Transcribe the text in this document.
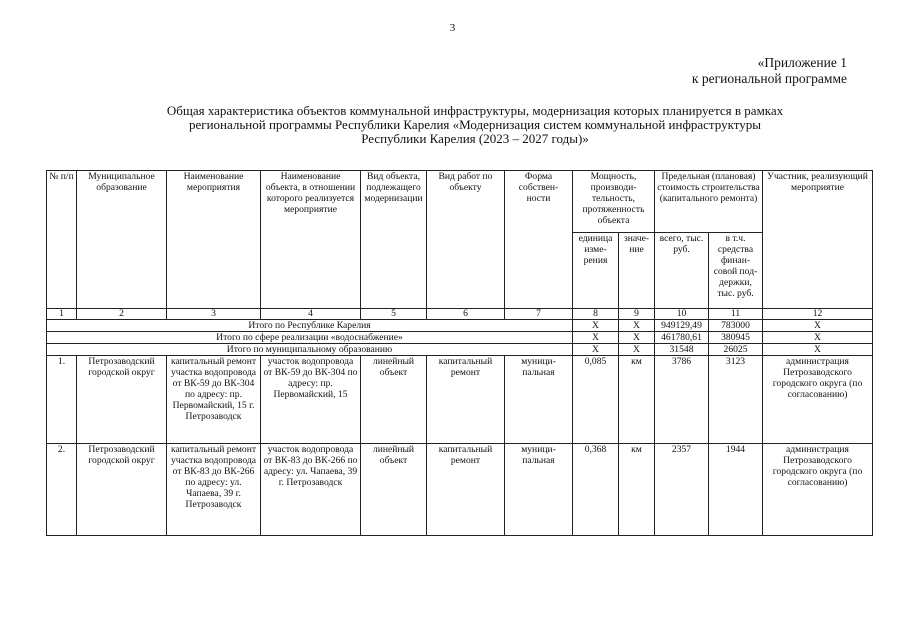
3
«Приложение 1
к региональной программе
Общая характеристика объектов коммунальной инфраструктуры, модернизация которых планируется в рамках
региональной программы Республики Карелия «Модернизация систем коммунальной инфраструктуры
Республики Карелия (2023 – 2027 годы)»
№ п/п	Муниципальное образование	Наименование мероприятия	Наименование объекта, в отношении которого реализуется мероприятие	Вид объекта, подлежащего модернизации	Вид работ по объекту	Форма собствен-ности	Мощность, производи-тельность, протяженность объекта		Предельная (плановая) стоимость строительства (капитального ремонта)		Участник, реализующий мероприятие
							единица изме-рения	значе-ние	всего, тыс. руб.	в т.ч. средства финан-совой под-держки, тыс. руб.	
1	2	3	4	5	6	7	8	9	10	11	12
Итого по Республике Карелия							X	X	949129,49	783000	X
Итого по сфере реализации «водоснабжение»							X	X	461780,61	380945	X
Итого по муниципальному образованию							X	X	31548	26025	X
1.	Петрозаводский городской округ	капитальный ремонт участка водопровода от ВК-59 до ВК-304 по адресу: пр. Первомайский, 15 г. Петрозаводск	участок водопровода от ВК-59 до ВК-304 по адресу: пр. Первомайский, 15	линейный объект	капитальный ремонт	муници-пальная	0,085	км	3786	3123	администрация Петрозаводского городского округа (по согласованию)
2.	Петрозаводский городской округ	капитальный ремонт участка водопровода от ВК-83 до ВК-266 по адресу: ул. Чапаева, 39 г. Петрозаводск	участок водопровода от ВК-83 до ВК-266 по адресу: ул. Чапаева, 39 г. Петрозаводск	линейный объект	капитальный ремонт	муници-пальная	0,368	км	2357	1944	администрация Петрозаводского городского округа (по согласованию)
